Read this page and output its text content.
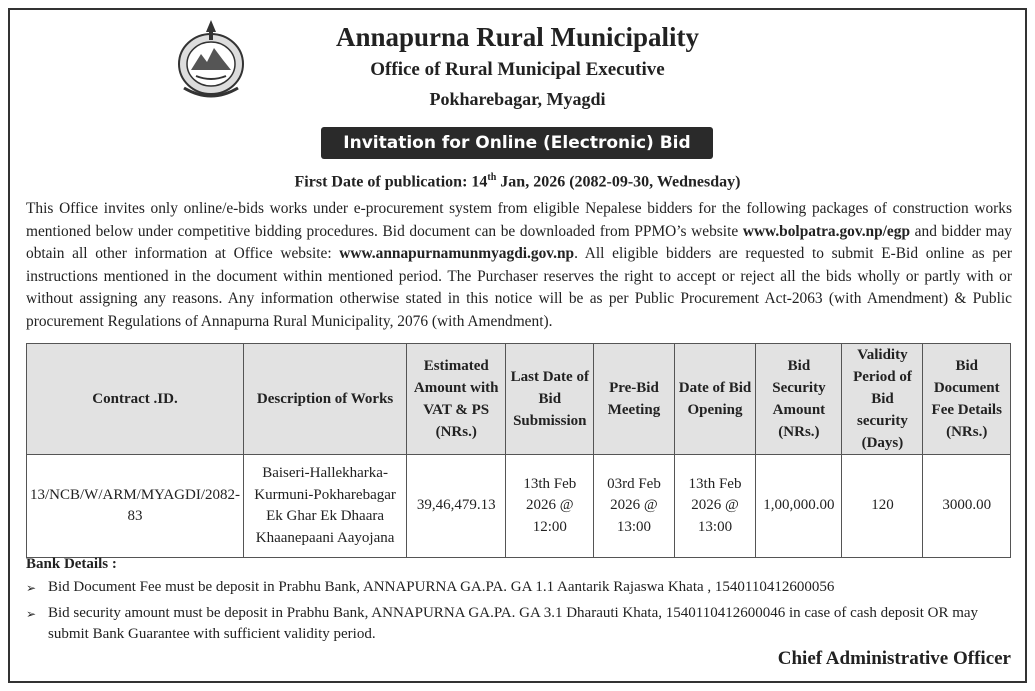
Annapurna Rural Municipality
Office of Rural Municipal Executive
Pokharebagar, Myagdi
Invitation for Online (Electronic) Bid
First Date of publication: 14th Jan, 2026 (2082-09-30, Wednesday)
This Office invites only online/e-bids works under e-procurement system from eligible Nepalese bidders for the following packages of construction works mentioned below under competitive bidding procedures. Bid document can be downloaded from PPMO’s website www.bolpatra.gov.np/egp and bidder may obtain all other information at Office website: www.annapurnamunmyagdi.gov.np. All eligible bidders are requested to submit E-Bid online as per instructions mentioned in the document within mentioned period. The Purchaser reserves the right to accept or reject all the bids wholly or partly with or without assigning any reasons. Any information otherwise stated in this notice will be as per Public Procurement Act-2063 (with Amendment) & Public procurement Regulations of Annapurna Rural Municipality, 2076 (with Amendment).
Contract .ID.	Description of Works	Estimated Amount with VAT & PS (NRs.)	Last Date of Bid Submission	Pre-Bid Meeting	Date of Bid Opening	Bid Security Amount (NRs.)	Validity Period of Bid security (Days)	Bid Document Fee Details (NRs.)
13/NCB/W/ARM/MYAGDI/2082-83	Baiseri-Hallekharka-Kurmuni-Pokharebagar Ek Ghar Ek Dhaara Khaanepaani Aayojana	39,46,479.13	13th Feb 2026 @ 12:00	03rd Feb 2026 @ 13:00	13th Feb 2026 @ 13:00	1,00,000.00	120	3000.00
Bank Details :
➢ Bid Document Fee must be deposit in Prabhu Bank, ANNAPURNA GA.PA. GA 1.1 Aantarik Rajaswa Khata , 1540110412600056
➢ Bid security amount must be deposit in Prabhu Bank, ANNAPURNA GA.PA. GA 3.1 Dharauti Khata, 1540110412600046 in case of cash deposit OR may submit Bank Guarantee with sufficient validity period.
Chief Administrative Officer
